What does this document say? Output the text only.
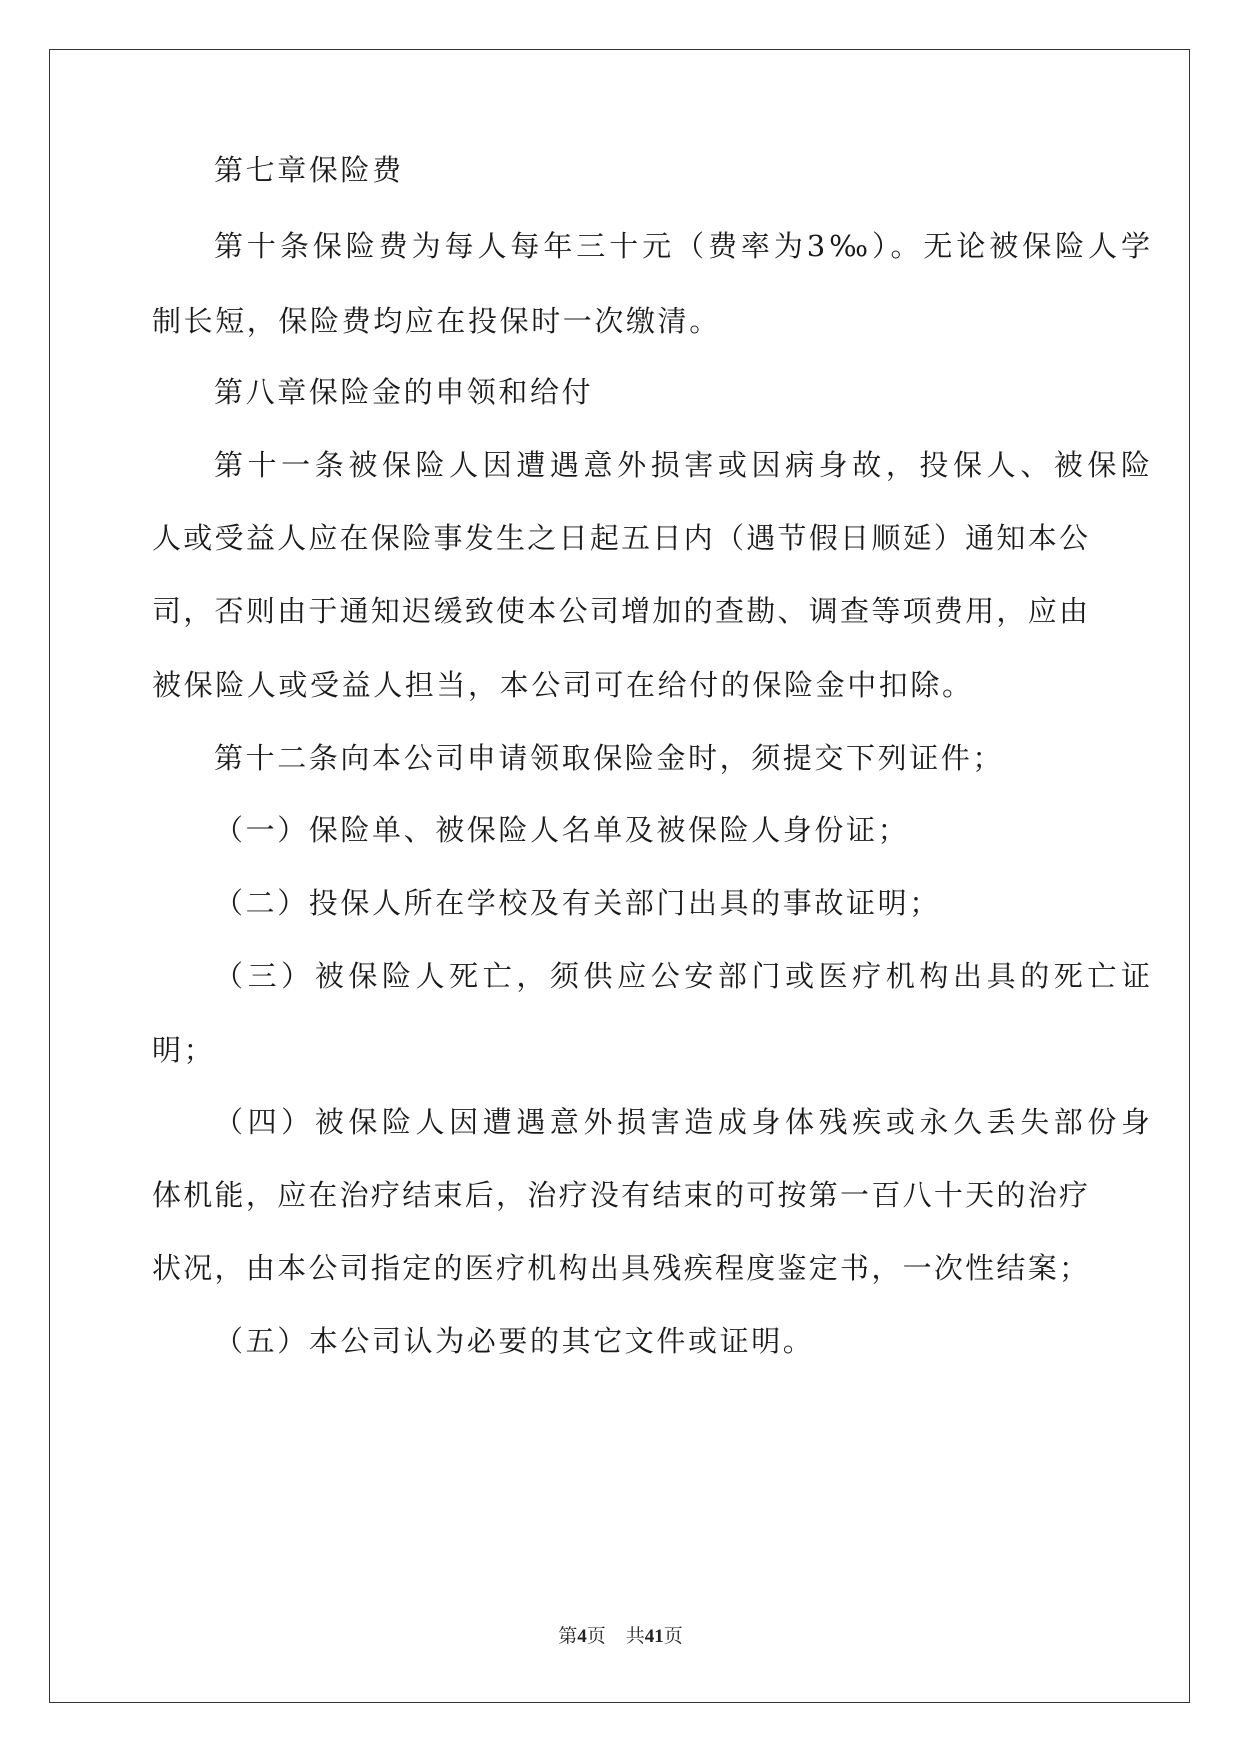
第七章保险费
第十条保险费为每人每年三十元（费率为3‰）。无论被保险人学
制长短，保险费均应在投保时一次缴清。
第八章保险金的申领和给付
第十一条被保险人因遭遇意外损害或因病身故，投保人、被保险
人或受益人应在保险事发生之日起五日内（遇节假日顺延）通知本公
司，否则由于通知迟缓致使本公司增加的查勘、调查等项费用，应由
被保险人或受益人担当，本公司可在给付的保险金中扣除。
第十二条向本公司申请领取保险金时，须提交下列证件；
（一）保险单、被保险人名单及被保险人身份证；
（二）投保人所在学校及有关部门出具的事故证明；
（三）被保险人死亡，须供应公安部门或医疗机构出具的死亡证
明；
（四）被保险人因遭遇意外损害造成身体残疾或永久丢失部份身
体机能，应在治疗结束后，治疗没有结束的可按第一百八十天的治疗
状况，由本公司指定的医疗机构出具残疾程度鉴定书，一次性结案；
（五）本公司认为必要的其它文件或证明。
第4页 共41页
